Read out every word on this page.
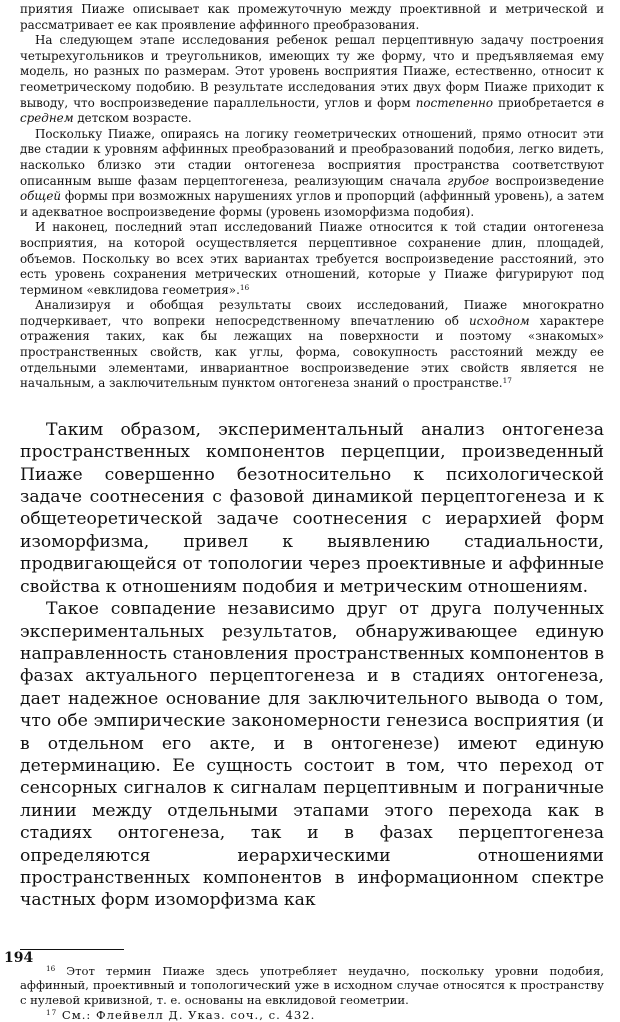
приятия Пиаже описывает как промежуточную между проективной и метрической и рассматривает ее как проявление аффинного преобразования.

На следующем этапе исследования ребенок решал перцептивную задачу построения четырехугольников и треугольников, имеющих ту же форму, что и предъявляемая ему модель, но разных по размерам. Этот уровень восприятия Пиаже, естественно, относит к геометрическому подобию. В результате исследования этих двух форм Пиаже приходит к выводу, что воспроизведение параллельности, углов и форм постепенно приобретается в среднем детском возрасте.

Поскольку Пиаже, опираясь на логику геометрических отношений, прямо относит эти две стадии к уровням аффинных преобразований и преобразований подобия, легко видеть, насколько близко эти стадии онтогенеза восприятия пространства соответствуют описанным выше фазам перцептогенеза, реализующим сначала грубое воспроизведение общей формы при возможных нарушениях углов и пропорций (аффинный уровень), а затем и адекватное воспроизведение формы (уровень изоморфизма подобия).

И наконец, последний этап исследований Пиаже относится к той стадии онтогенеза восприятия, на которой осуществляется перцептивное сохранение длин, площадей, объемов. Поскольку во всех этих вариантах требуется воспроизведение расстояний, это есть уровень сохранения метрических отношений, которые у Пиаже фигурируют под термином «евклидова геометрия».$^{16}$

Анализируя и обобщая результаты своих исследований, Пиаже многократно подчеркивает, что вопреки непосредственному впечатлению об исходном характере отражения таких, как бы лежащих на поверхности и поэтому «знакомых» пространственных свойств, как углы, форма, совокупность расстояний между ее отдельными элементами, инвариантное воспроизведение этих свойств является не начальным, а заключительным пунктом онтогенеза знаний о пространстве.$^{17}$

Таким образом, экспериментальный анализ онтогенеза пространственных компонентов перцепции, произведенный Пиаже совершенно безотносительно к психологической задаче соотнесения с фазовой динамикой перцептогенеза и к общетеоретической задаче соотнесения с иерархией форм изоморфизма, привел к выявлению стадиальности, продвигающейся от топологии через проективные и аффинные свойства к отношениям подобия и метрическим отношениям.

Такое совпадение независимо друг от друга полученных экспериментальных результатов, обнаруживающее единую направленность становления пространственных компонентов в фазах актуального перцептогенеза и в стадиях онтогенеза, дает надежное основание для заключительного вывода о том, что обе эмпирические закономерности генезиса восприятия (и в отдельном его акте, и в онтогенезе) имеют единую детерминацию. Ее сущность состоит в том, что переход от сенсорных сигналов к сигналам перцептивным и пограничные линии между отдельными этапами этого перехода как в стадиях онтогенеза, так и в фазах перцептогенеза определяются иерархическими отношениями пространственных компонентов в информационном спектре частных форм изоморфизма как

$^{16}$ Этот термин Пиаже здесь употребляет неудачно, поскольку уровни подобия, аффинный, проективный и топологический уже в исходном случае относятся к пространству с нулевой кривизной, т. е. основаны на евклидовой геометрии.

$^{17}$ См.: Флейвелл Д. Указ. соч., с. 432.

194
